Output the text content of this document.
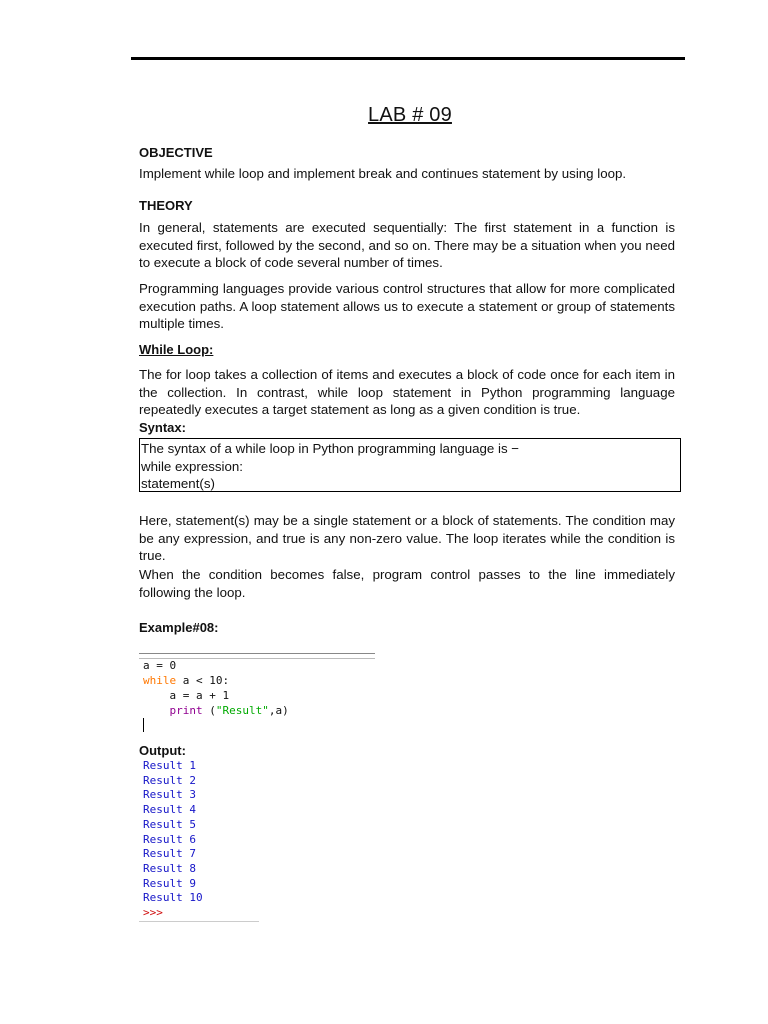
LAB # 09
OBJECTIVE
Implement while loop and implement break and continues statement by using loop.
THEORY
In general, statements are executed sequentially: The first statement in a function is executed first, followed by the second, and so on. There may be a situation when you need to execute a block of code several number of times.
Programming languages provide various control structures that allow for more complicated execution paths. A loop statement allows us to execute a statement or group of statements multiple times.
While Loop:
The for loop takes a collection of items and executes a block of code once for each item in the collection. In contrast, while loop statement in Python programming language repeatedly executes a target statement as long as a given condition is true.
Syntax:
The syntax of a while loop in Python programming language is −
while expression:
statement(s)
Here, statement(s) may be a single statement or a block of statements. The condition may be any expression, and true is any non-zero value. The loop iterates while the condition is true.
When the condition becomes false, program control passes to the line immediately following the loop.
Example#08:
a = 0
while a < 10:
a = a + 1
print ("Result",a)
Output:
Result 1
Result 2
Result 3
Result 4
Result 5
Result 6
Result 7
Result 8
Result 9
Result 10
>>>
